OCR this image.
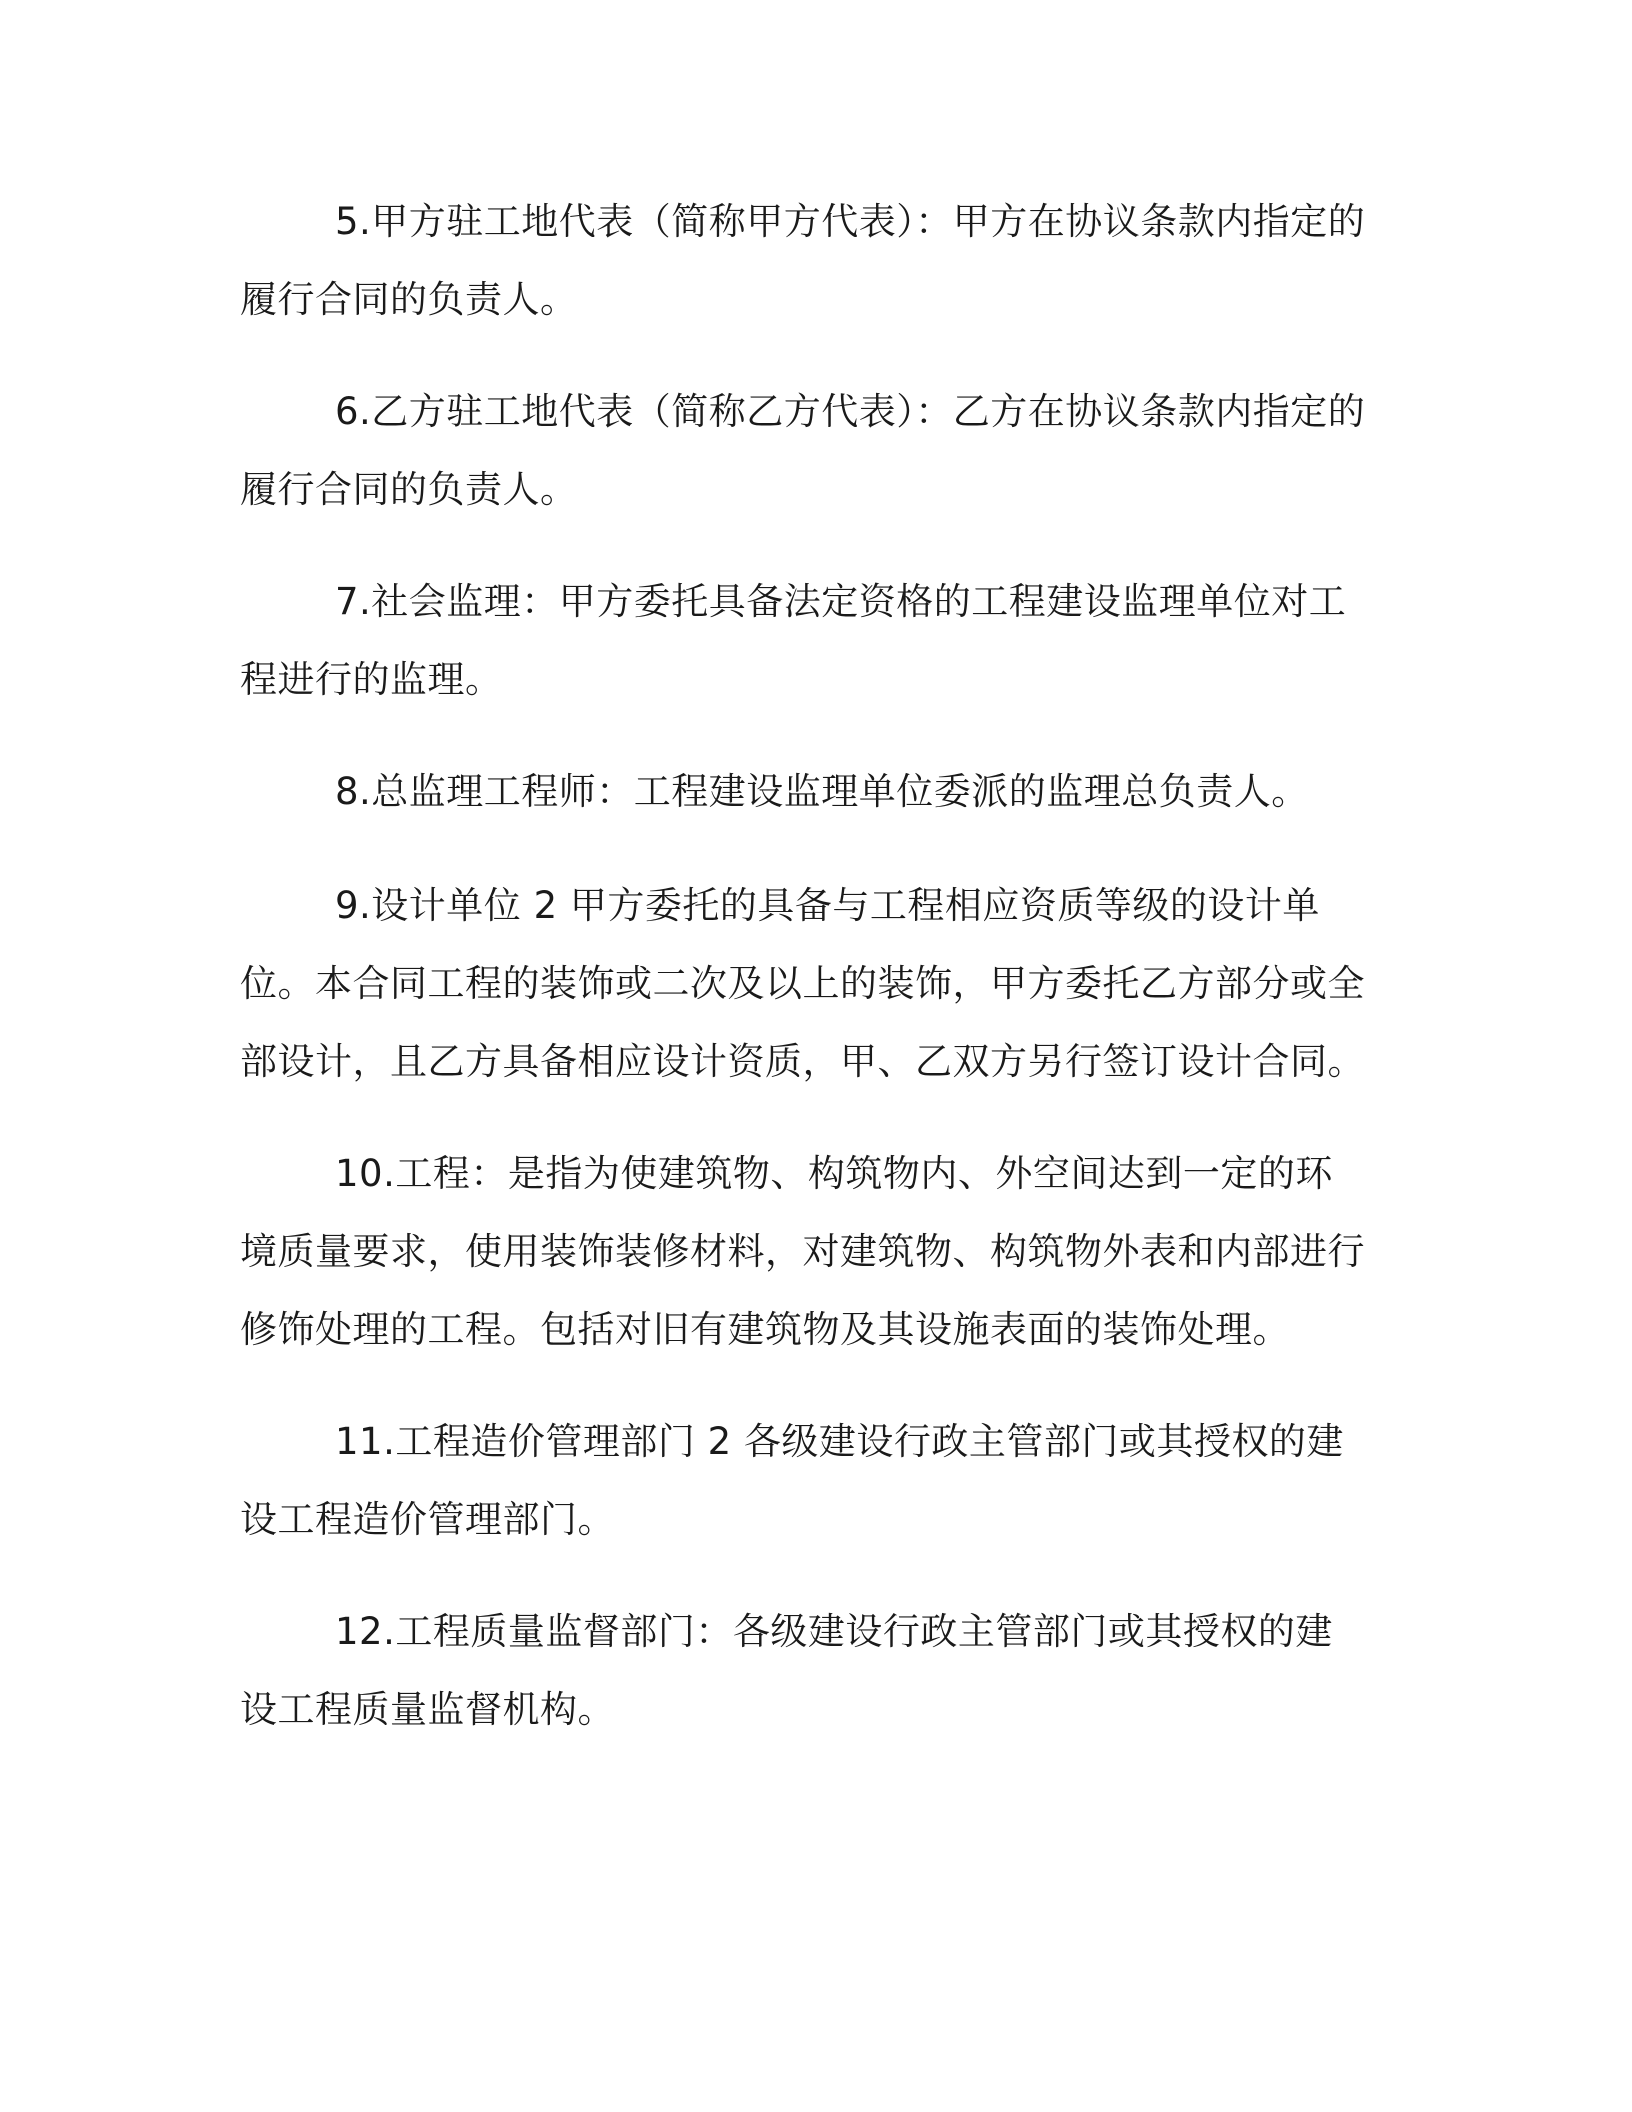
5.甲方驻工地代表（简称甲方代表）：甲方在协议条款内指定的履行合同的负责人。

6.乙方驻工地代表（简称乙方代表）：乙方在协议条款内指定的履行合同的负责人。

7.社会监理：甲方委托具备法定资格的工程建设监理单位对工程进行的监理。

8.总监理工程师：工程建设监理单位委派的监理总负责人。

9.设计单位 2 甲方委托的具备与工程相应资质等级的设计单位。本合同工程的装饰或二次及以上的装饰，甲方委托乙方部分或全部设计，且乙方具备相应设计资质，甲、乙双方另行签订设计合同。

10.工程：是指为使建筑物、构筑物内、外空间达到一定的环境质量要求，使用装饰装修材料，对建筑物、构筑物外表和内部进行修饰处理的工程。包括对旧有建筑物及其设施表面的装饰处理。

11.工程造价管理部门 2 各级建设行政主管部门或其授权的建设工程造价管理部门。

12.工程质量监督部门：各级建设行政主管部门或其授权的建设工程质量监督机构。
